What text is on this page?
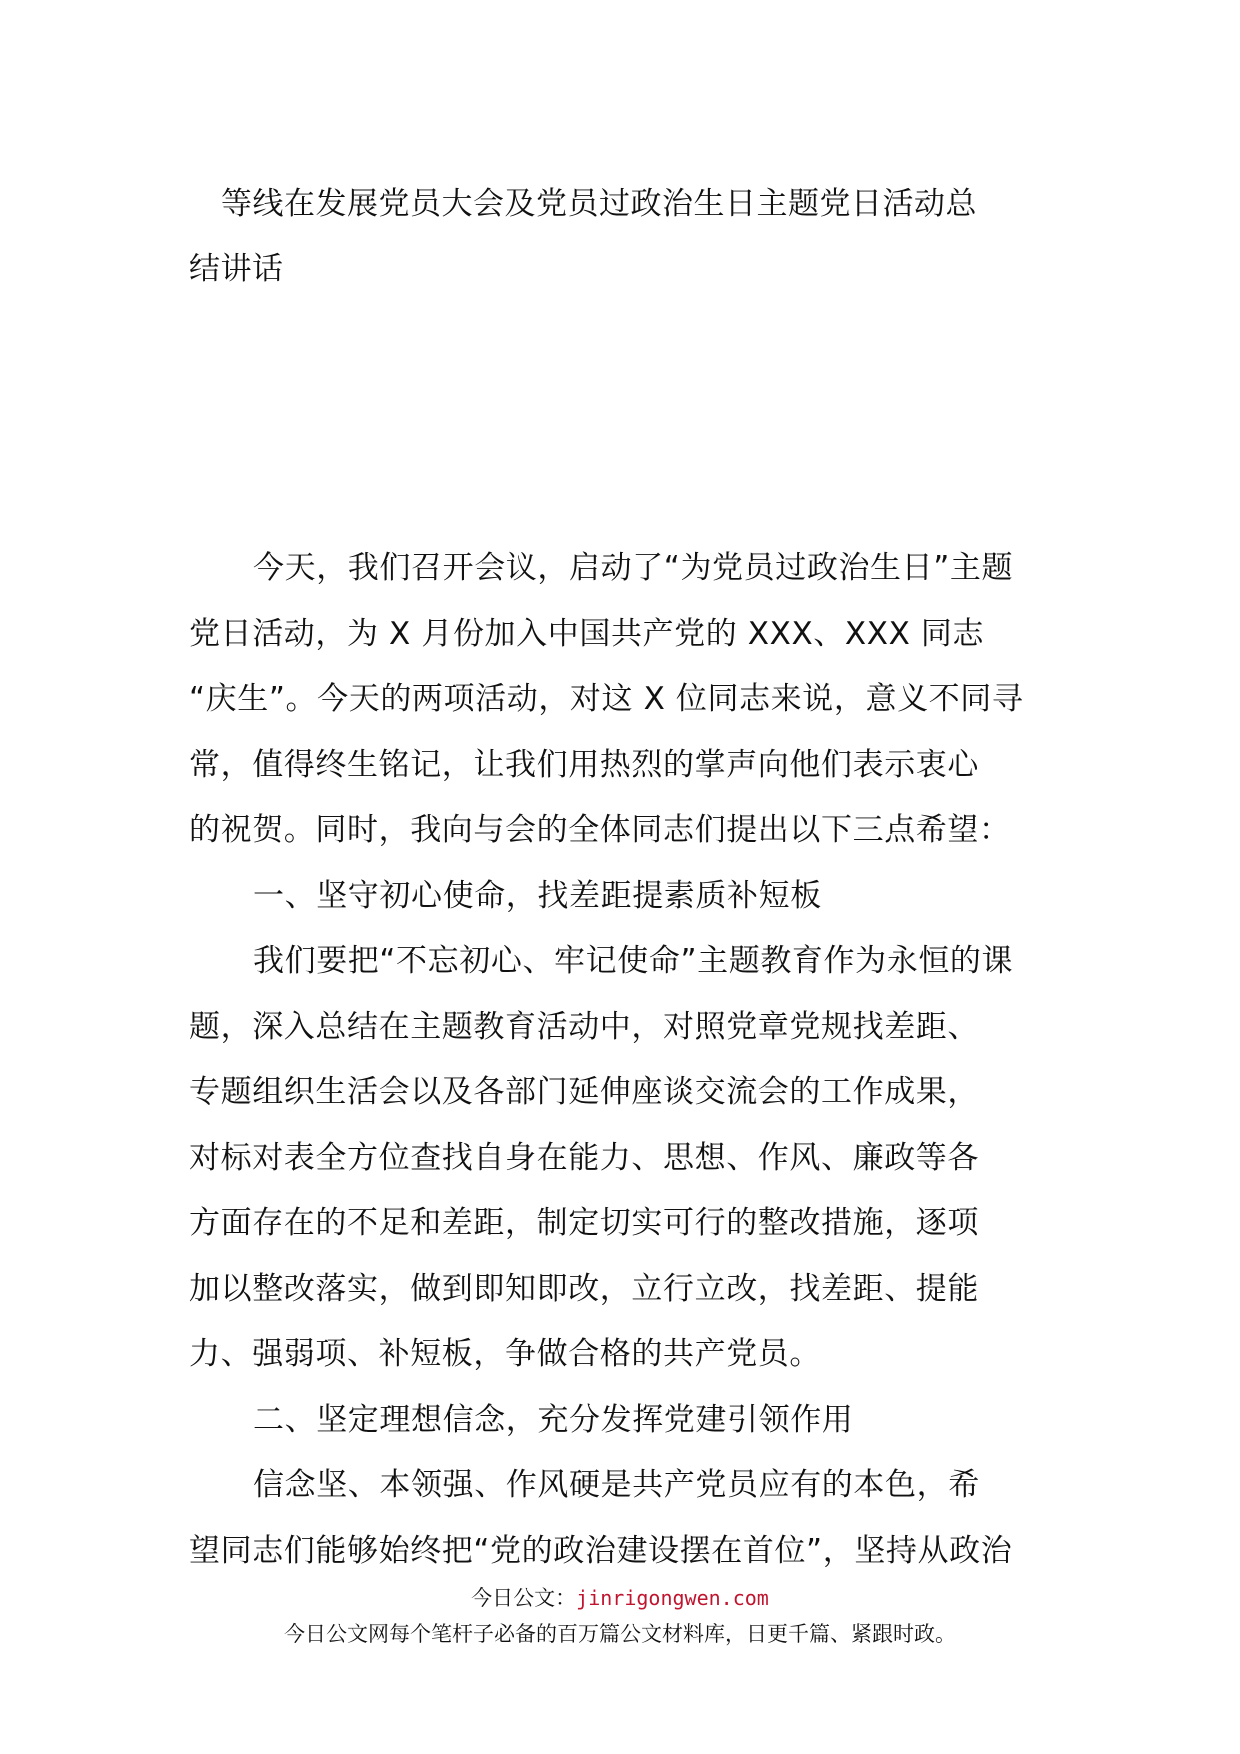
等线在发展党员大会及党员过政治生日主题党日活动总
结讲话
今天，我们召开会议，启动了“为党员过政治生日”主题
党日活动，为 X 月份加入中国共产党的 XXX、XXX 同志
“庆生”。今天的两项活动，对这 X 位同志来说，意义不同寻
常，值得终生铭记，让我们用热烈的掌声向他们表示衷心
的祝贺。同时，我向与会的全体同志们提出以下三点希望：
一、坚守初心使命，找差距提素质补短板
我们要把“不忘初心、牢记使命”主题教育作为永恒的课
题，深入总结在主题教育活动中，对照党章党规找差距、
专题组织生活会以及各部门延伸座谈交流会的工作成果，
对标对表全方位查找自身在能力、思想、作风、廉政等各
方面存在的不足和差距，制定切实可行的整改措施，逐项
加以整改落实，做到即知即改，立行立改，找差距、提能
力、强弱项、补短板，争做合格的共产党员。
二、坚定理想信念，充分发挥党建引领作用
信念坚、本领强、作风硬是共产党员应有的本色，希
望同志们能够始终把“党的政治建设摆在首位”，坚持从政治
今日公文：jinrigongwen.com
今日公文网每个笔杆子必备的百万篇公文材料库，日更千篇、紧跟时政。
